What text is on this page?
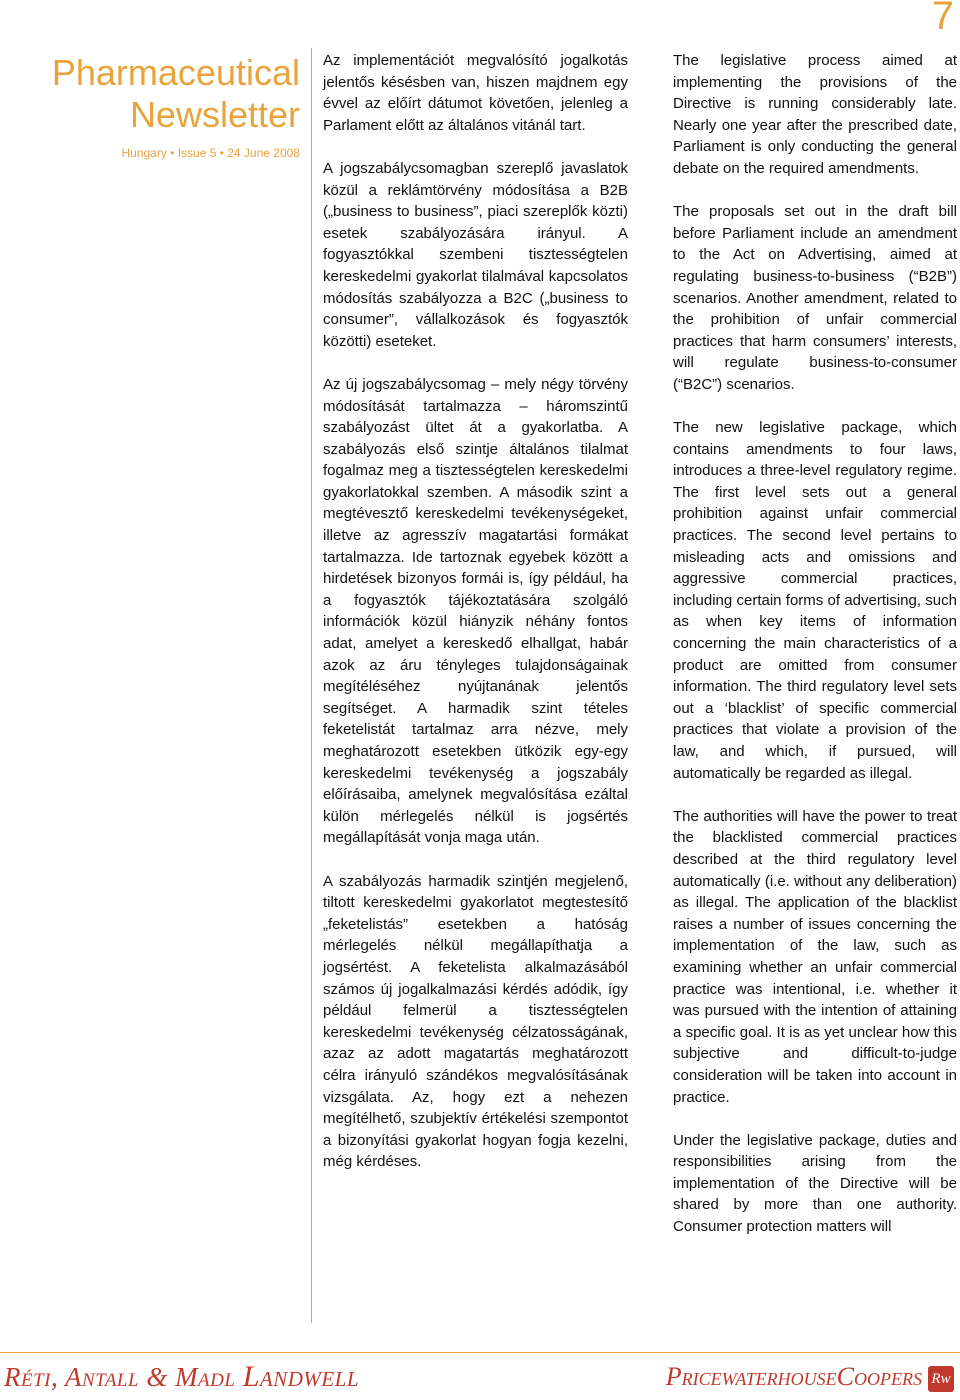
7
Pharmaceutical
Newsletter
Hungary • Issue 5 • 24 June 2008

Az implementációt megvalósító jogalkotás jelentős késésben van, hiszen majdnem egy évvel az előírt dátumot követően, jelenleg a Parlament előtt az általános vitánál tart.

A jogszabálycsomagban szereplő javaslatok közül a reklámtörvény módosítása a B2B („business to business”, piaci szereplők közti) esetek szabályozására irányul. A fogyasztókkal szembeni tisztességtelen kereskedelmi gyakorlat tilalmával kapcsolatos módosítás szabályozza a B2C („business to consumer”, vállalkozások és fogyasztók közötti) eseteket.

Az új jogszabálycsomag – mely négy törvény módosítását tartalmazza – háromszintű szabályozást ültet át a gyakorlatba. A szabályozás első szintje általános tilalmat fogalmaz meg a tisztességtelen kereskedelmi gyakorlatokkal szemben. A második szint a megtévesztő kereskedelmi tevékenységeket, illetve az agresszív magatartási formákat tartalmazza. Ide tartoznak egyebek között a hirdetések bizonyos formái is, így például, ha a fogyasztók tájékoztatására szolgáló információk közül hiányzik néhány fontos adat, amelyet a kereskedő elhallgat, habár azok az áru tényleges tulajdonságainak megítéléséhez nyújtanának jelentős segítséget. A harmadik szint tételes feketelistát tartalmaz arra nézve, mely meghatározott esetekben ütközik egy-egy kereskedelmi tevékenység a jogszabály előírásaiba, amelynek megvalósítása ezáltal külön mérlegelés nélkül is jogsértés megállapítását vonja maga után.

A szabályozás harmadik szintjén megjelenő, tiltott kereskedelmi gyakorlatot megtestesítő „feketelistás” esetekben a hatóság mérlegelés nélkül megállapíthatja a jogsértést. A feketelista alkalmazásából számos új jogalkalmazási kérdés adódik, így például felmerül a tisztességtelen kereskedelmi tevékenység célzatosságának, azaz az adott magatartás meghatározott célra irányuló szándékos megvalósításának vizsgálata. Az, hogy ezt a nehezen megítélhető, szubjektív értékelési szempontot a bizonyítási gyakorlat hogyan fogja kezelni, még kérdéses.

The legislative process aimed at implementing the provisions of the Directive is running considerably late. Nearly one year after the prescribed date, Parliament is only conducting the general debate on the required amendments.

The proposals set out in the draft bill before Parliament include an amendment to the Act on Advertising, aimed at regulating business-to-business (“B2B”) scenarios. Another amendment, related to the prohibition of unfair commercial practices that harm consumers’ interests, will regulate business-to-consumer (“B2C”) scenarios.

The new legislative package, which contains amendments to four laws, introduces a three-level regulatory regime. The first level sets out a general prohibition against unfair commercial practices. The second level pertains to misleading acts and omissions and aggressive commercial practices, including certain forms of advertising, such as when key items of information concerning the main characteristics of a product are omitted from consumer information. The third regulatory level sets out a ‘blacklist’ of specific commercial practices that violate a provision of the law, and which, if pursued, will automatically be regarded as illegal.

The authorities will have the power to treat the blacklisted commercial practices described at the third regulatory level automatically (i.e. without any deliberation) as illegal. The application of the blacklist raises a number of issues concerning the implementation of the law, such as examining whether an unfair commercial practice was intentional, i.e. whether it was pursued with the intention of attaining a specific goal. It is as yet unclear how this subjective and difficult-to-judge consideration will be taken into account in practice.

Under the legislative package, duties and responsibilities arising from the implementation of the Directive will be shared by more than one authority. Consumer protection matters will

Réti, Antall & Madl Landwell	PricewaterhouseCoopers Rw
